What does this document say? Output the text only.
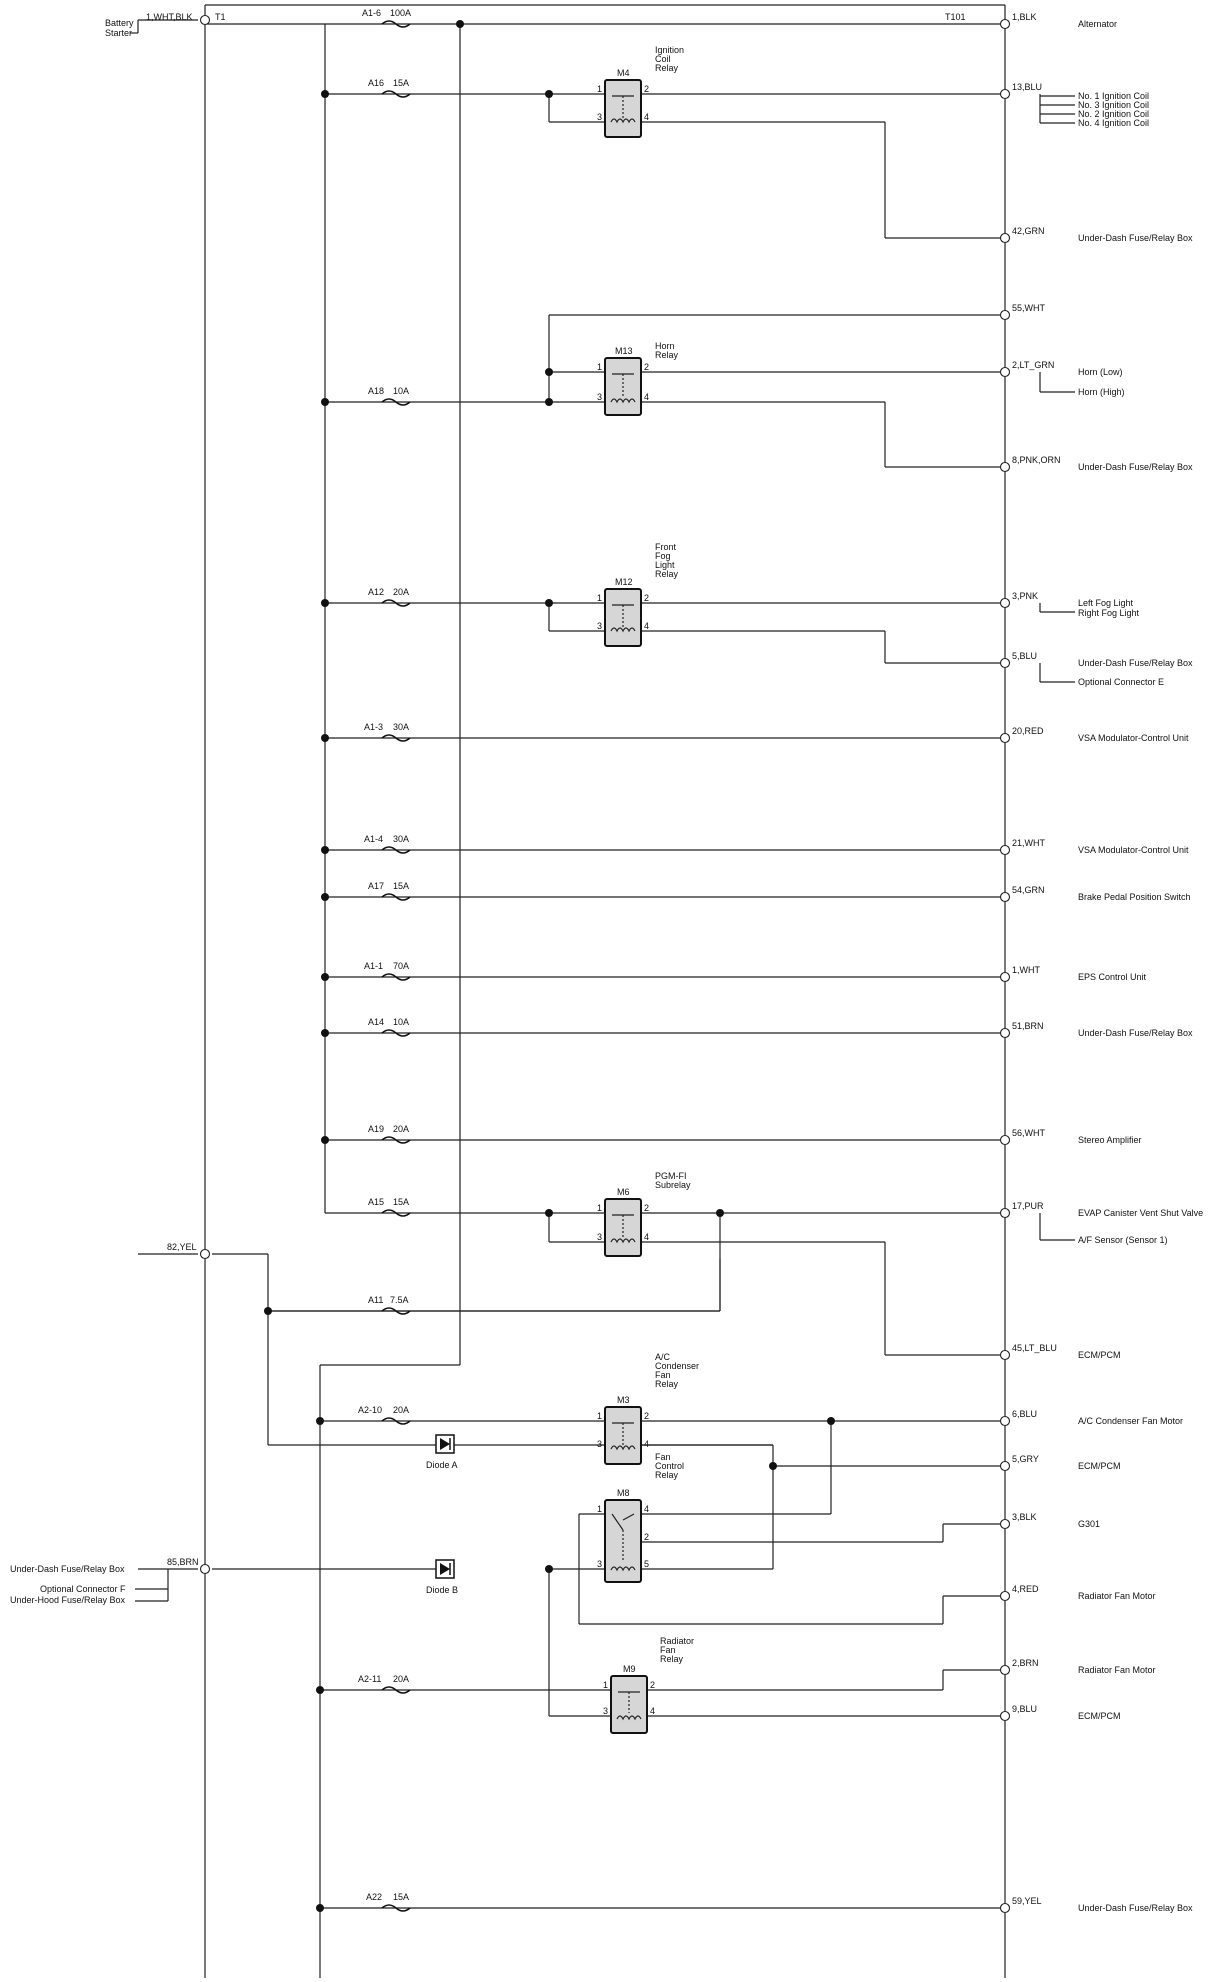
1,WHT,BLK T1	T101
Battery
Starter
82,YEL
85,BRN
Under-Dash Fuse/Relay Box
Optional Connector F
Under-Hood Fuse/Relay Box
A1-6 100A
A16 15A
A18 10A
A12 20A
A1-3 30A
A1-4 30A
A17 15A
A1-1 70A
A14 10A
A19 20A
A15 15A
A11 7.5A
A2-10 20A
A2-11 20A
A22 15A
M4
Ignition
Coil
Relay
1	2
3	4
M13 Horn
Relay
1	2
3	4
M12
Front
Fog
Light
Relay
1	2
3	4
M6
PGM-FI
Subrelay
1	2
3	4
M3
A/C
Condenser
Fan
Relay
1	2
3	4
M8
Fan
Control
Relay
1	4
2
3	5
M9
Radiator
Fan
Relay
1	2
3	4
Diode A
Diode B
1,BLK
13,BLU
42,GRN
55,WHT
2,LT_GRN
8,PNK,ORN
3,PNK
5,BLU
20,RED
21,WHT
54,GRN
1,WHT
51,BRN
56,WHT
17,PUR
45,LT_BLU
6,BLU
5,GRY
3,BLK
4,RED
2,BRN
9,BLU
59,YEL
Alternator
No. 1 Ignition Coil
No. 3 Ignition Coil
No. 2 Ignition Coil
No. 4 Ignition Coil
Under-Dash Fuse/Relay Box
Horn (Low)
Horn (High)
Under-Dash Fuse/Relay Box
Left Fog Light
Right Fog Light
Under-Dash Fuse/Relay Box
Optional Connector E
VSA Modulator-Control Unit
VSA Modulator-Control Unit
Brake Pedal Position Switch
EPS Control Unit
Under-Dash Fuse/Relay Box
Stereo Amplifier
EVAP Canister Vent Shut Valve
A/F Sensor (Sensor 1)
ECM/PCM
A/C Condenser Fan Motor
ECM/PCM
G301
Radiator Fan Motor
Radiator Fan Motor
ECM/PCM
Under-Dash Fuse/Relay Box
